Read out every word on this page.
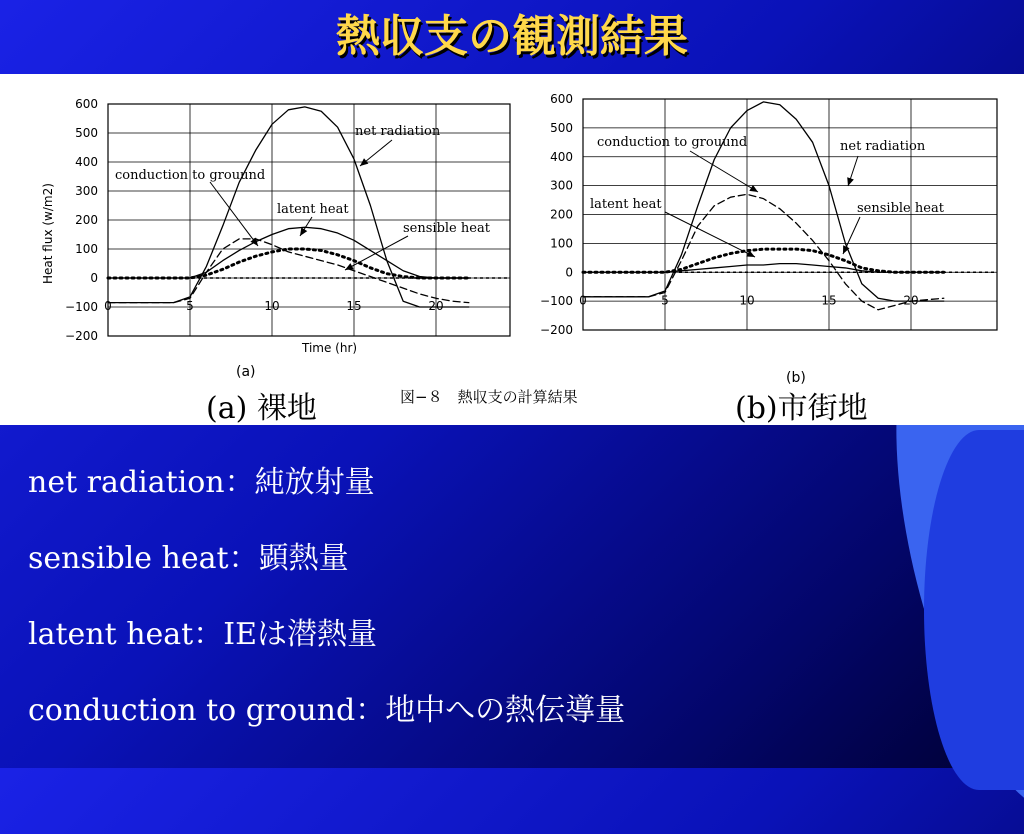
熱収支の観測結果
600
500
400
300
200
100
0
−100
−200
0	5	10	15	20
Heat flux (w/m2)
Time (hr)
net radiation
conduction to grouund
latent heat
sensible heat
600
500
400
300
200
100
0
−100
−200
0	5	10	15	20
conduction to grouund	net radiation
latent heat	sensible heat
(a)	(b)
(a) 裸地	図−８　熱収支の計算結果	(b)市街地
net radiation：純放射量
sensible heat：顕熱量
latent heat：IEは潜熱量
conduction to ground：地中への熱伝導量
